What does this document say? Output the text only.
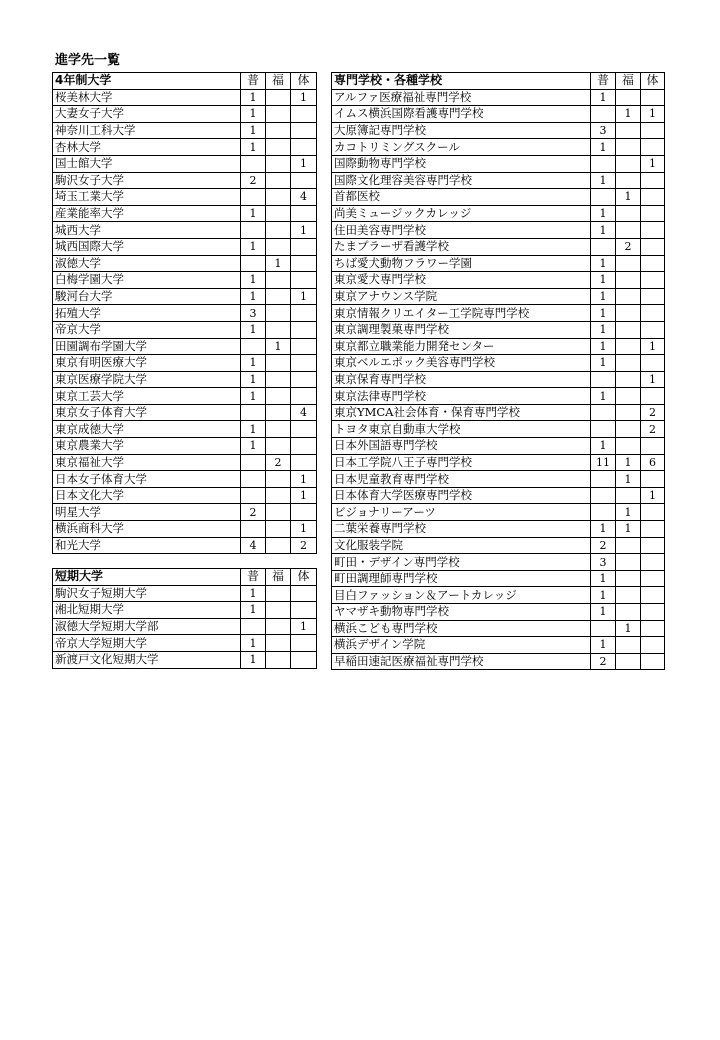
進学先一覧
4年制大学	普	福	体
桜美林大学	1		1
大妻女子大学	1		
神奈川工科大学	1		
杏林大学	1		
国士館大学			1
駒沢女子大学	2		
埼玉工業大学			4
産業能率大学	1		
城西大学			1
城西国際大学	1		
淑徳大学		1	
白梅学園大学	1		
駿河台大学	1		1
拓殖大学	3		
帝京大学	1		
田園調布学園大学		1	
東京有明医療大学	1		
東京医療学院大学	1		
東京工芸大学	1		
東京女子体育大学			4
東京成徳大学	1		
東京農業大学	1		
東京福祉大学		2	
日本女子体育大学			1
日本文化大学			1
明星大学	2		
横浜商科大学			1
和光大学	4		2
短期大学	普	福	体
駒沢女子短期大学	1		
湘北短期大学	1		
淑徳大学短期大学部			1
帝京大学短期大学	1		
新渡戸文化短期大学	1		
専門学校・各種学校	普	福	体
アルファ医療福祉専門学校	1		
イムス横浜国際看護専門学校		1	1
大原簿記専門学校	3		
カコトリミングスクール	1		
国際動物専門学校			1
国際文化理容美容専門学校	1		
首都医校		1	
尚美ミュージックカレッジ	1		
住田美容専門学校	1		
たまプラーザ看護学校		2	
ちば愛犬動物フラワー学園	1		
東京愛犬専門学校	1		
東京アナウンス学院	1		
東京情報クリエイター工学院専門学校	1		
東京調理製菓専門学校	1		
東京都立職業能力開発センター	1		1
東京ベルエポック美容専門学校	1		
東京保育専門学校			1
東京法律専門学校	1		
東京YMCA社会体育・保育専門学校			2
トヨタ東京自動車大学校			2
日本外国語専門学校	1		
日本工学院八王子専門学校	11	1	6
日本児童教育専門学校		1	
日本体育大学医療専門学校			1
ビジョナリーアーツ		1	
二葉栄養専門学校	1	1	
文化服装学院	2		
町田・デザイン専門学校	3		
町田調理師専門学校	1		
目白ファッション＆アートカレッジ	1		
ヤマザキ動物専門学校	1		
横浜こども専門学校		1	
横浜デザイン学院	1		
早稲田速記医療福祉専門学校	2		
